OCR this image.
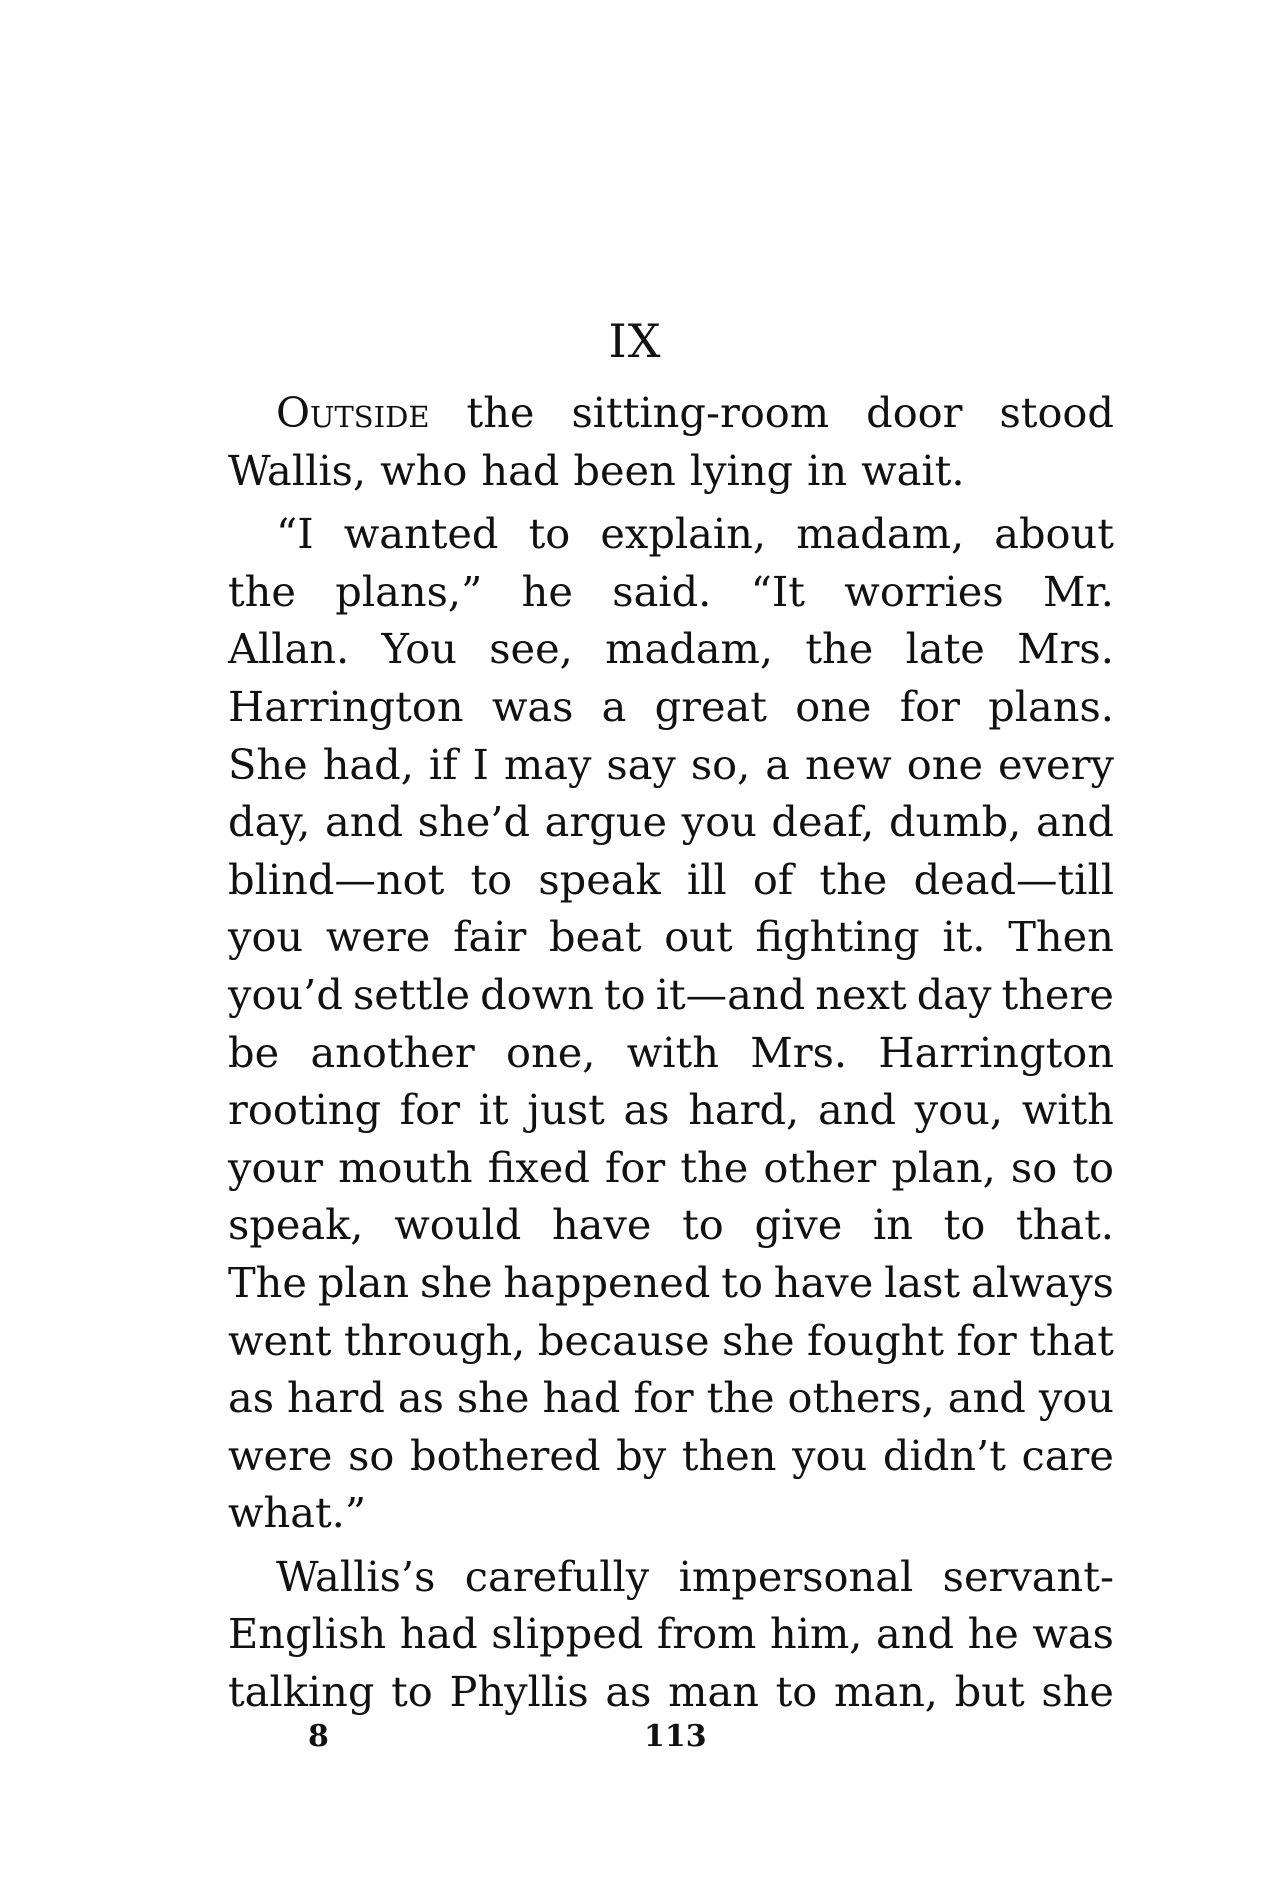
IX
Outside the sitting-room door stood
Wallis, who had been lying in wait.
“I wanted to explain, madam, about
the plans,” he said. “It worries Mr.
Allan. You see, madam, the late Mrs.
Harrington was a great one for plans.
She had, if I may say so, a new one every
day, and she’d argue you deaf, dumb, and
blind—not to speak ill of the dead—till
you were fair beat out fighting it. Then
you’d settle down to it—and next day there
be another one, with Mrs. Harrington
rooting for it just as hard, and you, with
your mouth fixed for the other plan, so to
speak, would have to give in to that.
The plan she happened to have last always
went through, because she fought for that
as hard as she had for the others, and you
were so bothered by then you didn’t care
what.”
Wallis’s carefully impersonal servant-
English had slipped from him, and he was
talking to Phyllis as man to man, but she
8	113
